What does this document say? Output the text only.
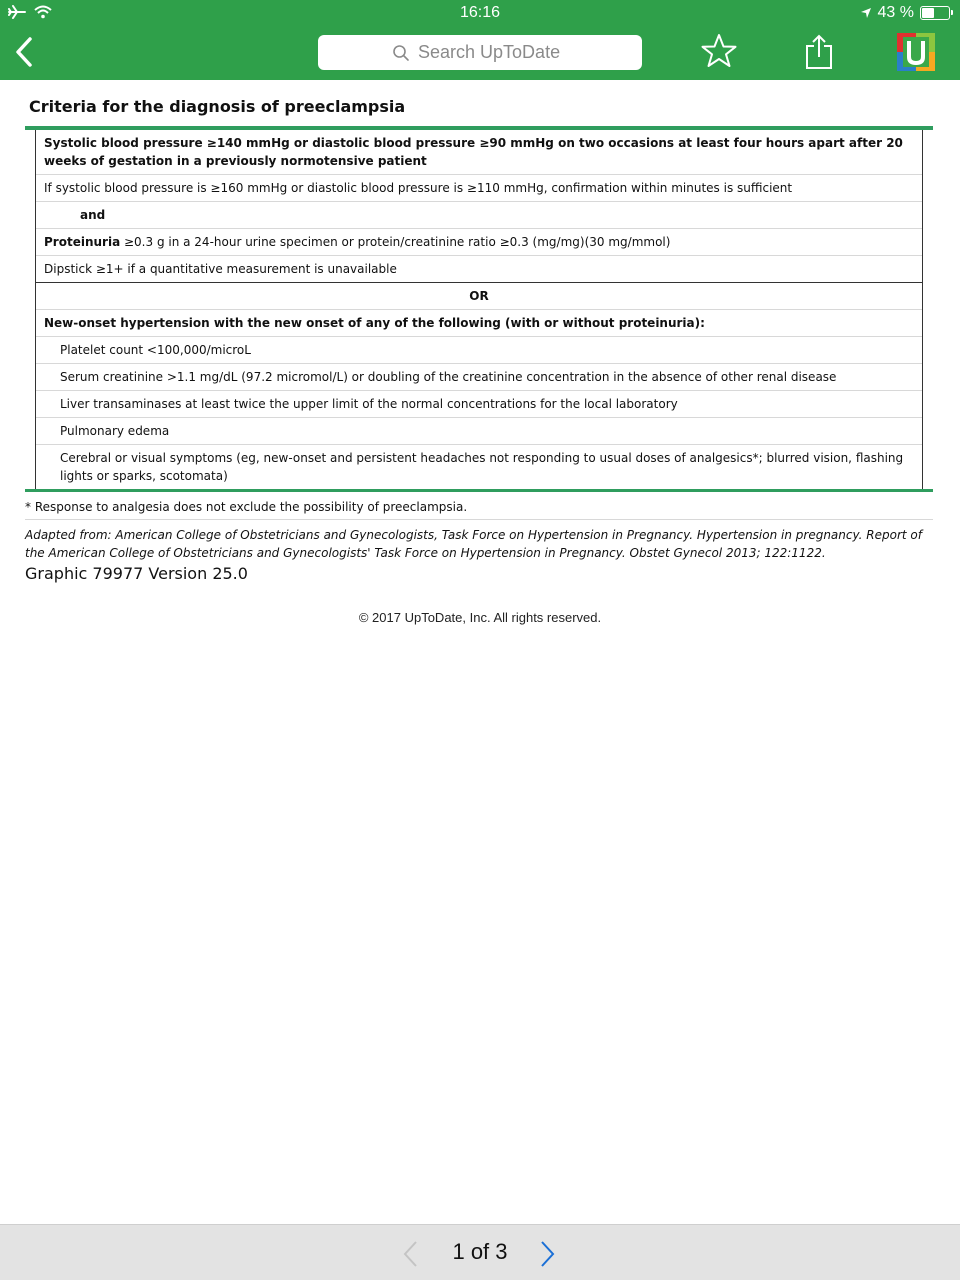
16:16	43 %
Search UpToDate
Criteria for the diagnosis of preeclampsia
Systolic blood pressure ≥140 mmHg or diastolic blood pressure ≥90 mmHg on two occasions at least four hours apart after 20 weeks of gestation in a previously normotensive patient
If systolic blood pressure is ≥160 mmHg or diastolic blood pressure is ≥110 mmHg, confirmation within minutes is sufficient
and
Proteinuria ≥0.3 g in a 24-hour urine specimen or protein/creatinine ratio ≥0.3 (mg/mg)(30 mg/mmol)
Dipstick ≥1+ if a quantitative measurement is unavailable
OR
New-onset hypertension with the new onset of any of the following (with or without proteinuria):
Platelet count <100,000/microL
Serum creatinine >1.1 mg/dL (97.2 micromol/L) or doubling of the creatinine concentration in the absence of other renal disease
Liver transaminases at least twice the upper limit of the normal concentrations for the local laboratory
Pulmonary edema
Cerebral or visual symptoms (eg, new-onset and persistent headaches not responding to usual doses of analgesics*; blurred vision, flashing lights or sparks, scotomata)
* Response to analgesia does not exclude the possibility of preeclampsia.
Adapted from: American College of Obstetricians and Gynecologists, Task Force on Hypertension in Pregnancy. Hypertension in pregnancy. Report of the American College of Obstetricians and Gynecologists' Task Force on Hypertension in Pregnancy. Obstet Gynecol 2013; 122:1122.
Graphic 79977 Version 25.0
© 2017 UpToDate, Inc. All rights reserved.
1 of 3
